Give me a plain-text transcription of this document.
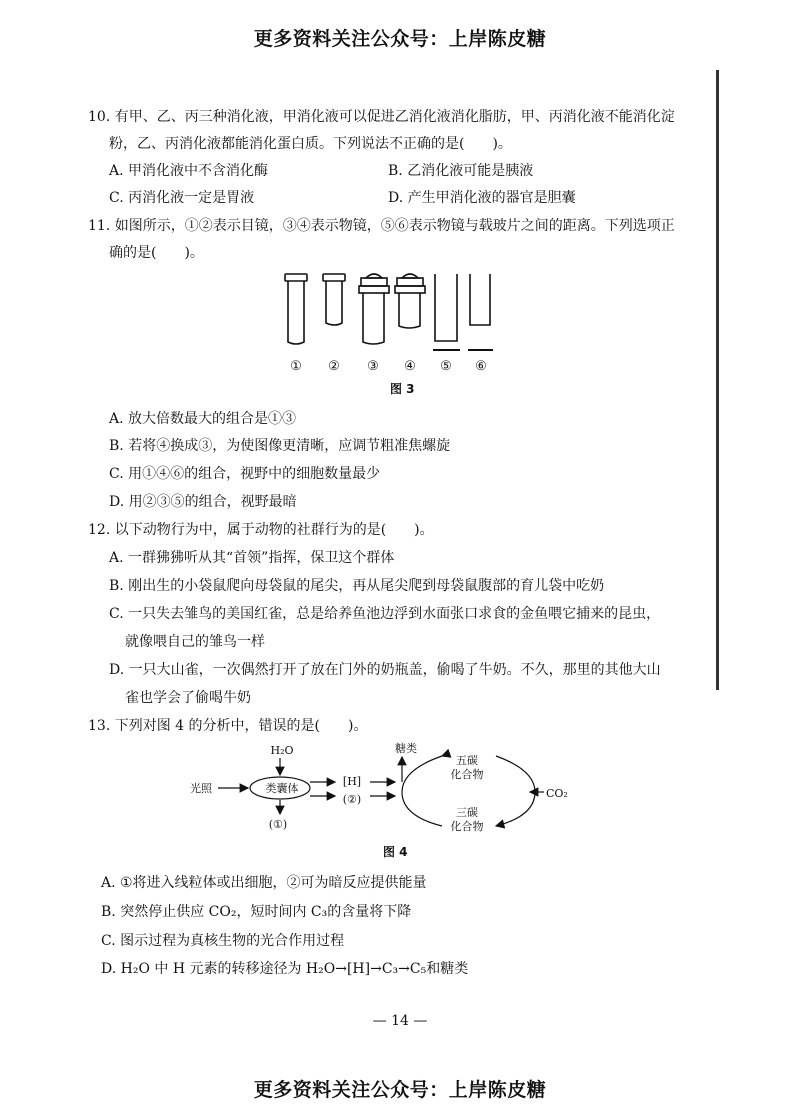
更多资料关注公众号：上岸陈皮糖
10. 有甲、乙、丙三种消化液，甲消化液可以促进乙消化液消化脂肪，甲、丙消化液不能消化淀
粉，乙、丙消化液都能消化蛋白质。下列说法不正确的是(　　)。
A. 甲消化液中不含消化酶	B. 乙消化液可能是胰液
C. 丙消化液一定是胃液	D. 产生甲消化液的器官是胆囊
11. 如图所示，①②表示目镜，③④表示物镜，⑤⑥表示物镜与载玻片之间的距离。下列选项正
确的是(　　)。
① ② ③ ④ ⑤ ⑥
图 3
A. 放大倍数最大的组合是①③
B. 若将④换成③，为使图像更清晰，应调节粗准焦螺旋
C. 用①④⑥的组合，视野中的细胞数量最少
D. 用②③⑤的组合，视野最暗
12. 以下动物行为中，属于动物的社群行为的是(　　)。
A. 一群狒狒听从其“首领”指挥，保卫这个群体
B. 刚出生的小袋鼠爬向母袋鼠的尾尖，再从尾尖爬到母袋鼠腹部的育儿袋中吃奶
C. 一只失去雏鸟的美国红雀，总是给养鱼池边浮到水面张口求食的金鱼喂它捕来的昆虫，
就像喂自己的雏鸟一样
D. 一只大山雀，一次偶然打开了放在门外的奶瓶盖，偷喝了牛奶。不久，那里的其他大山
雀也学会了偷喝牛奶
13. 下列对图 4 的分析中，错误的是(　　)。
H₂O
光照	类囊体
[H]
(②)
(①)
糖类
五碳
化合物
三碳
化合物
CO₂
图 4
A. ①将进入线粒体或出细胞，②可为暗反应提供能量
B. 突然停止供应 CO₂，短时间内 C₃的含量将下降
C. 图示过程为真核生物的光合作用过程
D. H₂O 中 H 元素的转移途径为 H₂O→[H]→C₃→C₅和糖类
— 14 —
更多资料关注公众号：上岸陈皮糖
